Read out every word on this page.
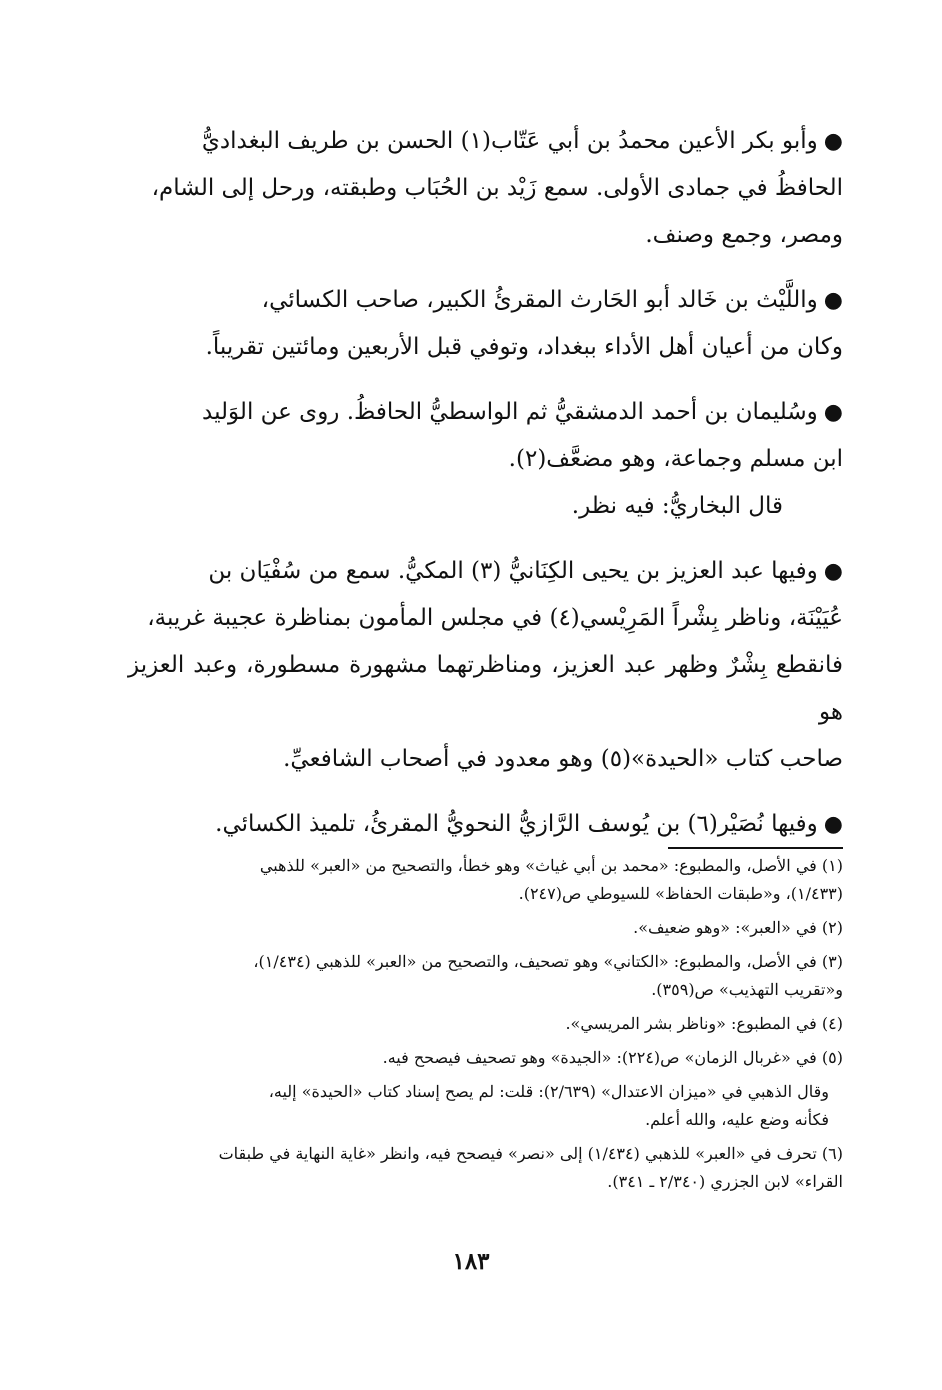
●وأبو بكر الأعين محمدُ بن أبي عَتّاب(١) الحسن بن طريف البغداديُّ

الحافظُ في جمادى الأولى. سمع زَيْد بن الحُبَاب وطبقته، ورحل إلى الشام،

ومصر، وجمع وصنف.

●واللَّيْث بن خَالد أبو الحَارث المقرئُ الكبير، صاحب الكسائي،

وكان من أعيان أهل الأداء ببغداد، وتوفي قبل الأربعين ومائتين تقريباً.

●وسُليمان بن أحمد الدمشقيُّ ثم الواسطيُّ الحافظُ. روى عن الوَليد

ابن مسلم وجماعة، وهو مضعَّف(٢).

قال البخاريُّ: فيه نظر.

●وفيها عبد العزيز بن يحيى الكِنَانيُّ (٣) المكيُّ. سمع من سُفْيَان بن

عُيَيْنَة، وناظر بِشْراً المَرِيْسي(٤) في مجلس المأمون بمناظرة عجيبة غريبة،

فانقطع بِشْرٌ وظهر عبد العزيز، ومناظرتهما مشهورة مسطورة، وعبد العزيز هو

صاحب كتاب «الحيدة»(٥) وهو معدود في أصحاب الشافعيِّ.

●وفيها نُصَيْر(٦) بن يُوسف الرَّازيُّ النحويُّ المقرئُ، تلميذ الكسائي.

(١) في الأصل، والمطبوع: «محمد بن أبي غياث» وهو خطأ، والتصحيح من «العبر» للذهبي

(١/٤٣٣)، و«طبقات الحفاظ» للسيوطي ص(٢٤٧).

(٢) في «العبر»: «وهو ضعيف».

(٣) في الأصل، والمطبوع: «الكتاني» وهو تصحيف، والتصحيح من «العبر» للذهبي (١/٤٣٤)،

و«تقريب التهذيب» ص(٣٥٩).

(٤) في المطبوع: «وناظر بشر المريسي».

(٥) في «غربال الزمان» ص(٢٢٤): «الجيدة» وهو تصحيف فيصحح فيه.

وقال الذهبي في «ميزان الاعتدال» (٢/٦٣٩): قلت: لم يصح إسناد كتاب «الحيدة» إليه،

فكأنه وضع عليه، والله أعلم.

(٦) تحرف في «العبر» للذهبي (١/٤٣٤) إلى «نصر» فيصحح فيه، وانظر «غاية النهاية في طبقات

القراء» لابن الجزري (٢/٣٤٠ ـ ٣٤١).

١٨٣
